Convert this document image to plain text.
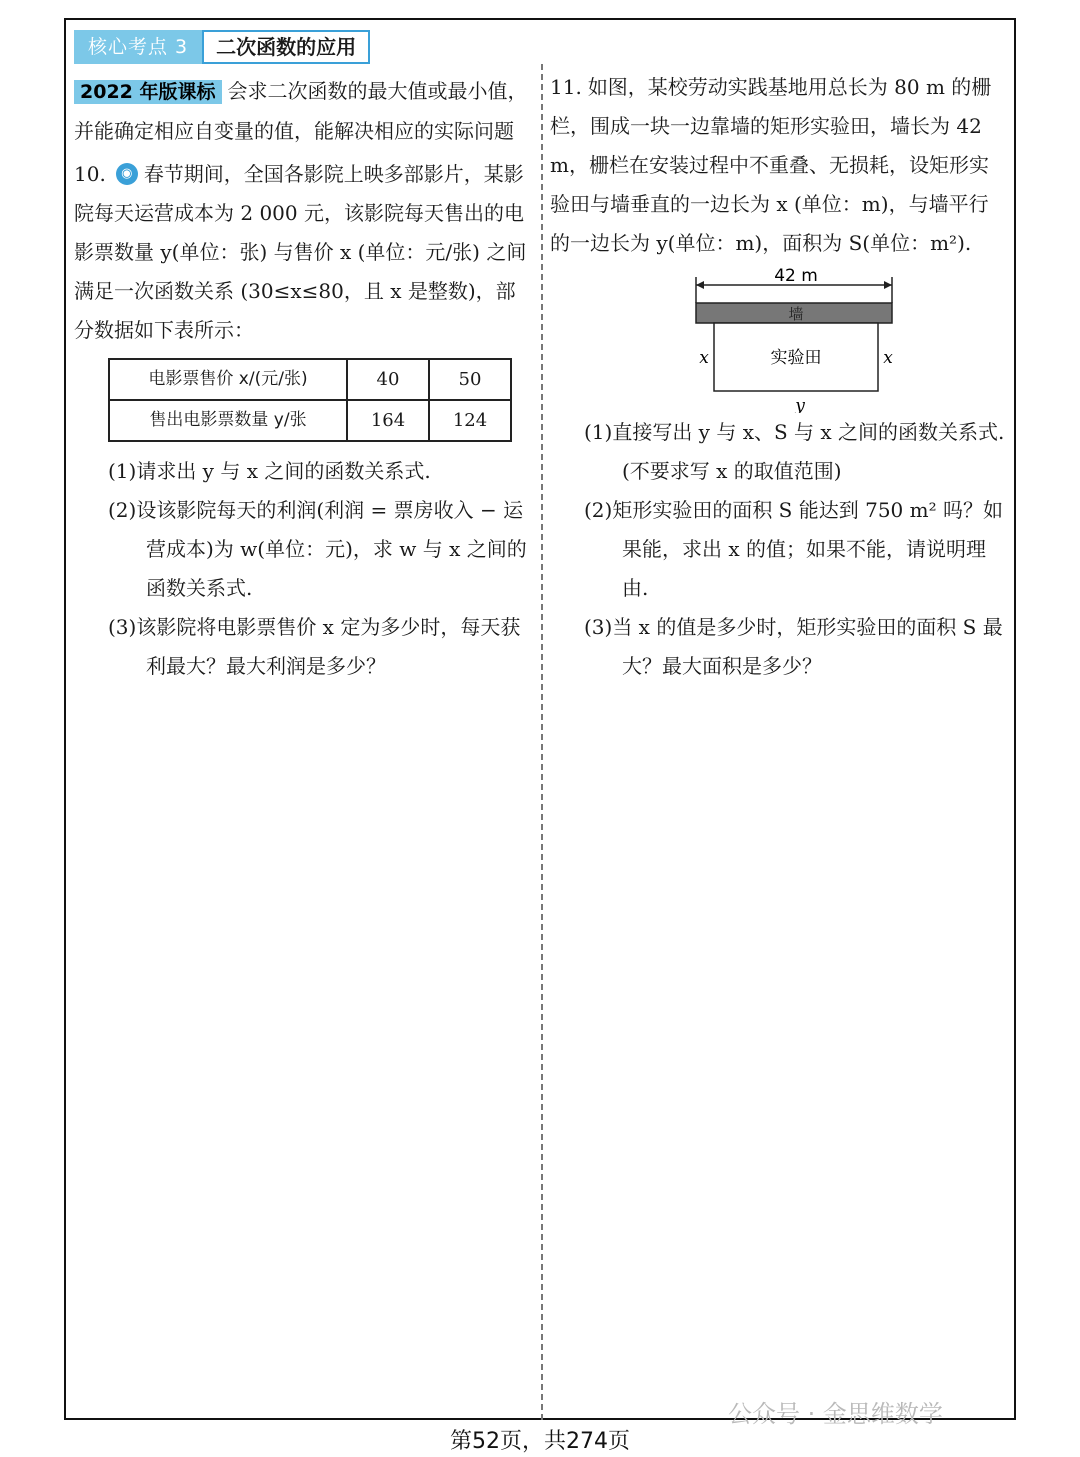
核心考点 3	二次函数的应用

2022 年版课标 会求二次函数的最大值或最小值，并能确定相应自变量的值，能解决相应的实际问题

10. ◉ 春节期间，全国各影院上映多部影片，某影院每天运营成本为 2 000 元，该影院每天售出的电影票数量 y(单位：张) 与售价 x (单位：元/张) 之间满足一次函数关系 (30≤x≤80，且 x 是整数)，部分数据如下表所示：

电影票售价 x/(元/张)	40	50
售出电影票数量 y/张	164	124

(1)请求出 y 与 x 之间的函数关系式.

(2)设该影院每天的利润(利润 = 票房收入 − 运营成本)为 w(单位：元)，求 w 与 x 之间的函数关系式.

(3)该影院将电影票售价 x 定为多少时，每天获利最大？最大利润是多少？

11. 如图，某校劳动实践基地用总长为 80 m 的栅栏，围成一块一边靠墙的矩形实验田，墙长为 42 m，栅栏在安装过程中不重叠、无损耗，设矩形实验田与墙垂直的一边长为 x (单位：m)，与墙平行的一边长为 y(单位：m)，面积为 S(单位：m²).

42 m
墙
实验田
x	x
y

(1)直接写出 y 与 x、S 与 x 之间的函数关系式.(不要求写 x 的取值范围)

(2)矩形实验田的面积 S 能达到 750 m² 吗？如果能，求出 x 的值；如果不能，请说明理由.

(3)当 x 的值是多少时，矩形实验田的面积 S 最大？最大面积是多少？

公众号 · 金思维数学
第52页，共274页
